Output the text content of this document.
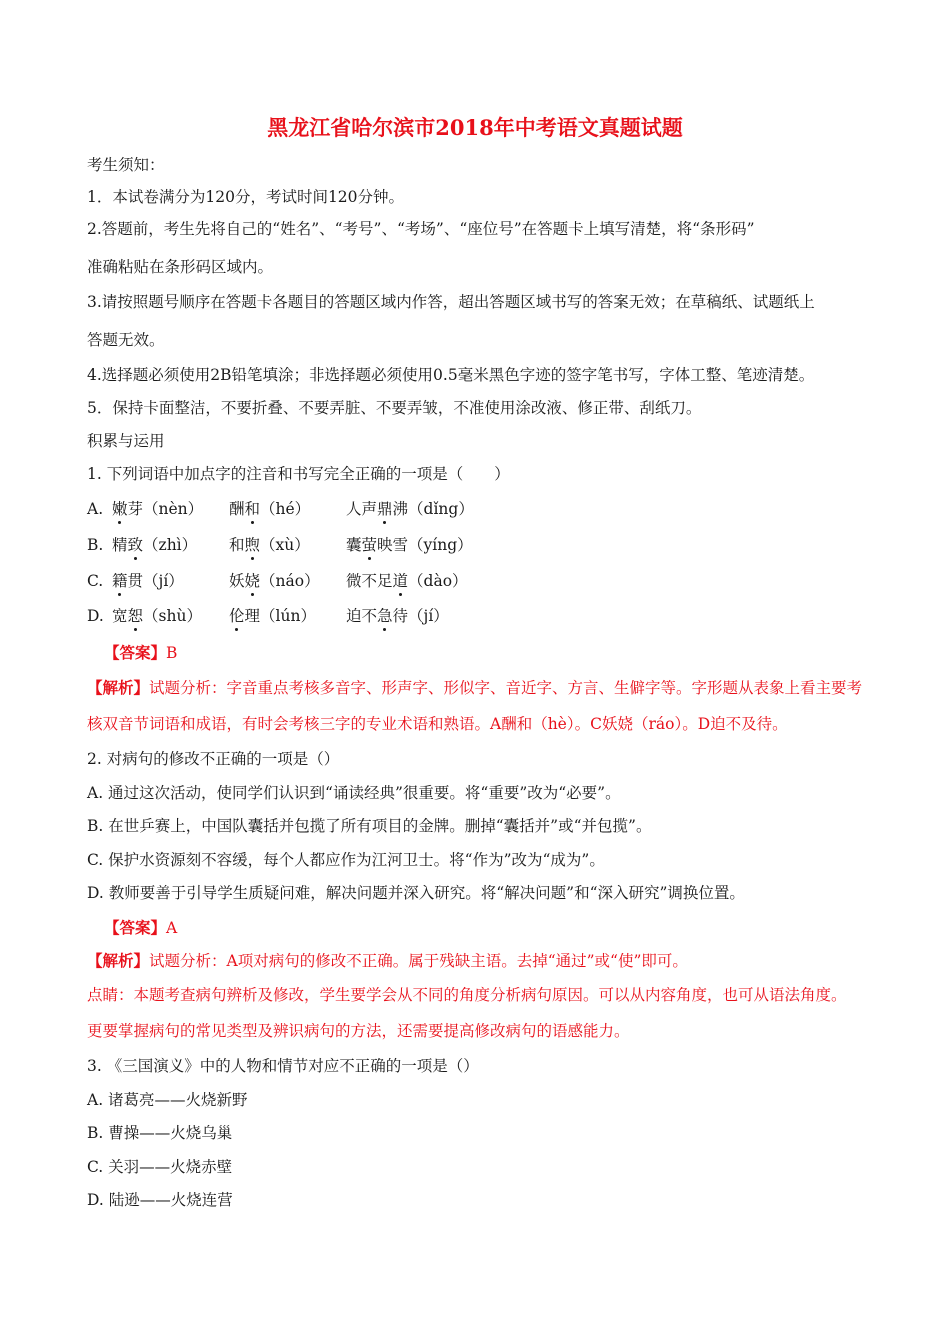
黑龙江省哈尔滨市2018年中考语文真题试题
考生须知：
1．本试卷满分为120分，考试时间120分钟。
2.答题前，考生先将自己的“姓名”、“考号”、“考场”、“座位号”在答题卡上填写清楚，将“条形码”
准确粘贴在条形码区域内。
3.请按照题号顺序在答题卡各题目的答题区域内作答，超出答题区域书写的答案无效；在草稿纸、试题纸上
答题无效。
4.选择题必须使用2B铅笔填涂；非选择题必须使用0.5毫米黑色字迹的签字笔书写，字体工整、笔迹清楚。
5．保持卡面整洁，不要折叠、不要弄脏、不要弄皱，不准使用涂改液、修正带、刮纸刀。
积累与运用
1. 下列词语中加点字的注音和书写完全正确的一项是（　　）
A. 嫩芽（nèn） 酬和（hé） 人声鼎沸（dǐng）
B. 精致（zhì） 和煦（xù） 囊萤映雪（yíng）
C. 籍贯（jí）	妖娆（náo） 微不足道（dào）
D. 宽恕（shù） 伦理（lún） 迫不急待（jí）
【答案】B
【解析】试题分析：字音重点考核多音字、形声字、形似字、音近字、方言、生僻字等。字形题从表象上看主要考
核双音节词语和成语，有时会考核三字的专业术语和熟语。A酬和（hè）。C妖娆（ráo）。D迫不及待。
2. 对病句的修改不正确的一项是（）
A. 通过这次活动，使同学们认识到“诵读经典”很重要。将“重要”改为“必要”。
B. 在世乒赛上，中国队囊括并包揽了所有项目的金牌。删掉“囊括并”或“并包揽”。
C. 保护水资源刻不容缓，每个人都应作为江河卫士。将“作为”改为“成为”。
D. 教师要善于引导学生质疑问难，解决问题并深入研究。将“解决问题”和“深入研究”调换位置。
【答案】A
【解析】试题分析：A项对病句的修改不正确。属于残缺主语。去掉“通过”或“使”即可。
点睛：本题考查病句辨析及修改，学生要学会从不同的角度分析病句原因。可以从内容角度，也可从语法角度。
更要掌握病句的常见类型及辨识病句的方法，还需要提高修改病句的语感能力。
3. 《三国演义》中的人物和情节对应不正确的一项是（）
A. 诸葛亮——火烧新野
B. 曹操——火烧乌巢
C. 关羽——火烧赤壁
D. 陆逊——火烧连营
